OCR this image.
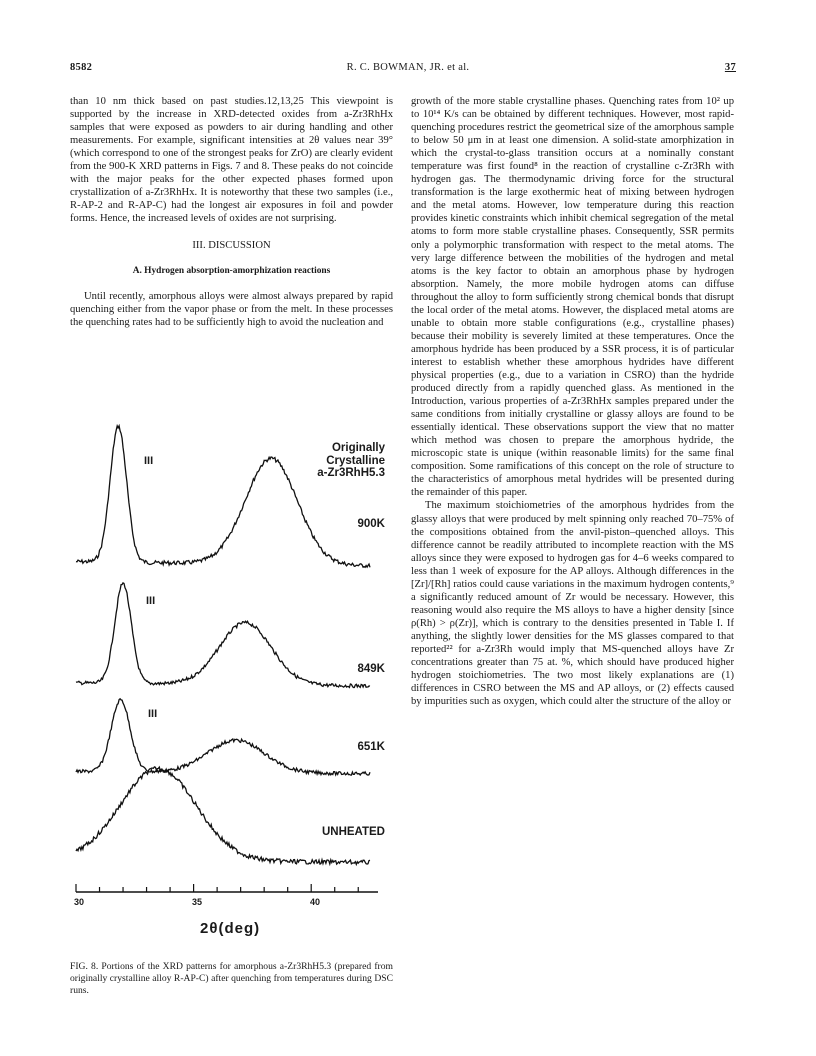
8582	R. C. BOWMAN, JR. et al.	37

than 10 nm thick based on past studies.12,13,25 This viewpoint is supported by the increase in XRD-detected oxides from a-Zr3RhHx samples that were exposed as powders to air during handling and other measurements. For example, significant intensities at 2θ values near 39° (which correspond to one of the strongest peaks for ZrO) are clearly evident from the 900-K XRD patterns in Figs. 7 and 8. These peaks do not coincide with the major peaks for the other expected phases formed upon crystallization of a-Zr3RhHx. It is noteworthy that these two samples (i.e., R-AP-2 and R-AP-C) had the longest air exposures in foil and powder forms. Hence, the increased levels of oxides are not surprising.

III. DISCUSSION
A. Hydrogen absorption-amorphization reactions

Until recently, amorphous alloys were almost always prepared by rapid quenching either from the vapor phase or from the melt. In these processes the quenching rates had to be sufficiently high to avoid the nucleation and

growth of the more stable crystalline phases. Quenching rates from 10² up to 10¹⁴ K/s can be obtained by different techniques. However, most rapid-quenching procedures restrict the geometrical size of the amorphous sample to below 50 μm in at least one dimension. A solid-state amorphization in which the crystal-to-glass transition occurs at a nominally constant temperature was first found⁸ in the reaction of crystalline c-Zr3Rh with hydrogen gas. The thermodynamic driving force for the structural transformation is the large exothermic heat of mixing between hydrogen and the metal atoms. However, low temperature during this reaction provides kinetic constraints which inhibit chemical segregation of the metal atoms to form more stable crystalline phases. Consequently, SSR permits only a polymorphic transformation with respect to the metal atoms. The very large difference between the mobilities of the hydrogen and metal atoms is the key factor to obtain an amorphous phase by hydrogen absorption. Namely, the more mobile hydrogen atoms can diffuse throughout the alloy to form sufficiently strong chemical bonds that disrupt the local order of the metal atoms. However, the displaced metal atoms are unable to obtain more stable configurations (e.g., crystalline phases) because their mobility is severely limited at these temperatures. Once the amorphous hydride has been produced by a SSR process, it is of particular interest to establish whether these amorphous hydrides have different physical properties (e.g., due to a variation in CSRO) than the hydride produced directly from a rapidly quenched glass. As mentioned in the Introduction, various properties of a-Zr3RhHx samples prepared under the same conditions from initially crystalline or glassy alloys are found to be essentially identical. These observations support the view that no matter which method was chosen to prepare the amorphous hydride, the microscopic state is unique (within reasonable limits) for the same final composition. Some ramifications of this concept on the role of structure to the characteristics of amorphous metal hydrides will be presented during the remainder of this paper.

The maximum stoichiometries of the amorphous hydrides from the glassy alloys that were produced by melt spinning only reached 70–75% of the compositions obtained from the anvil-piston–quenched alloys. This difference cannot be readily attributed to incomplete reaction with the MS alloys since they were exposed to hydrogen gas for 4–6 weeks compared to less than 1 week of exposure for the AP alloys. Although differences in the [Zr]/[Rh] ratios could cause variations in the maximum hydrogen contents,⁹ a significantly reduced amount of Zr would be necessary. However, this reasoning would also require the MS alloys to have a higher density [since ρ(Rh) > ρ(Zr)], which is contrary to the densities presented in Table I. If anything, the slightly lower densities for the MS glasses compared to that reported²² for a-Zr3Rh would imply that MS-quenched alloys have Zr concentrations greater than 75 at. %, which should have produced higher hydrogen stoichiometries. The two most likely explanations are (1) differences in CSRO between the MS and AP alloys, or (2) effects caused by impurities such as oxygen, which could alter the structure of the alloy or

Originally
Crystalline
a-Zr3RhH5.3
900K
849K
651K
UNHEATED
III
III
III
30	35	40
2θ(deg)
FIG. 8. Portions of the XRD patterns for amorphous a-Zr3RhH5.3 (prepared from originally crystalline alloy R-AP-C) after quenching from temperatures during DSC runs.
